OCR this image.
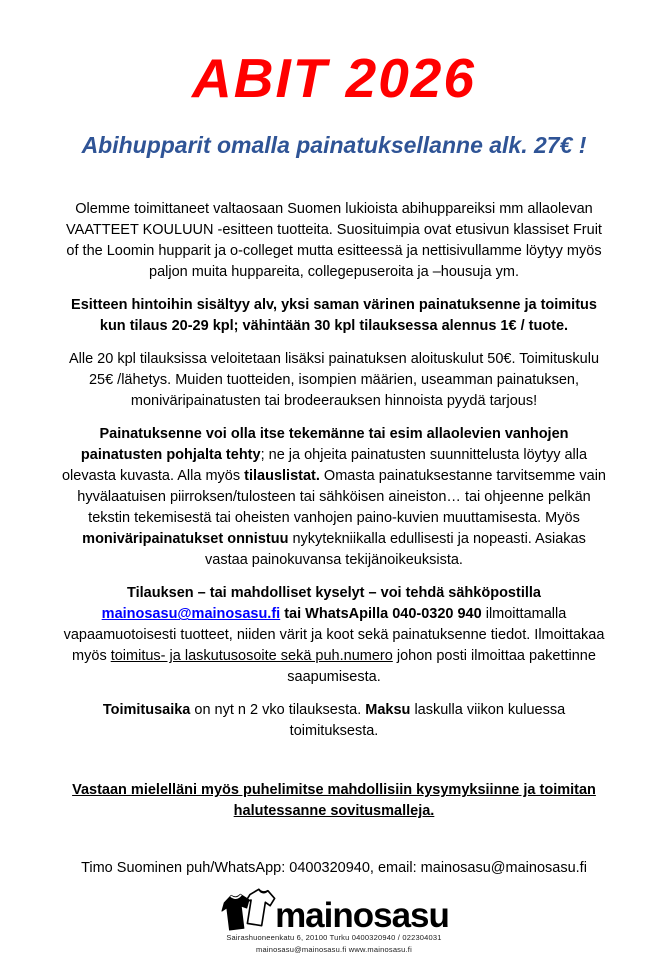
ABIT 2026
Abihupparit omalla painatuksellanne alk. 27€ !

Olemme toimittaneet valtaosaan Suomen lukioista abihuppareiksi mm allaolevan VAATTEET KOULUUN -esitteen tuotteita. Suosituimpia ovat etusivun klassiset Fruit of the Loomin hupparit ja o-colleget mutta esitteessä ja nettisivullamme löytyy myös paljon muita huppareita, collegepuseroita ja –housuja ym.

Esitteen hintoihin sisältyy alv, yksi saman värinen painatuksenne ja toimitus kun tilaus 20-29 kpl; vähintään 30 kpl tilauksessa alennus 1€ / tuote.

Alle 20 kpl tilauksissa veloitetaan lisäksi painatuksen aloituskulut 50€. Toimituskulu 25€ /lähetys. Muiden tuotteiden, isompien määrien, useamman painatuksen, moniväripainatusten tai brodeerauksen hinnoista pyydä tarjous!

Painatuksenne voi olla itse tekemänne tai esim allaolevien vanhojen painatusten pohjalta tehty; ne ja ohjeita painatusten suunnittelusta löytyy alla olevasta kuvasta. Alla myös tilauslistat. Omasta painatuksestanne tarvitsemme vain hyvälaatuisen piirroksen/tulosteen tai sähköisen aineiston… tai ohjeenne pelkän tekstin tekemisestä tai oheisten vanhojen paino-kuvien muuttamisesta. Myös moniväripainatukset onnistuu nykytekniikalla edullisesti ja nopeasti. Asiakas vastaa painokuvansa tekijänoikeuksista.

Tilauksen – tai mahdolliset kyselyt – voi tehdä sähköpostilla mainosasu@mainosasu.fi tai WhatsApilla 040-0320 940 ilmoittamalla vapaamuotoisesti tuotteet, niiden värit ja koot sekä painatuksenne tiedot. Ilmoittakaa myös toimitus- ja laskutusosoite sekä puh.numero johon posti ilmoittaa pakettinne saapumisesta.

Toimitusaika on nyt n 2 vko tilauksesta. Maksu laskulla viikon kuluessa toimituksesta.

Vastaan mielelläni myös puhelimitse mahdollisiin kysymyksiinne ja toimitan halutessanne sovitusmalleja.
Timo Suominen puh/WhatsApp: 0400320940, email: mainosasu@mainosasu.fi
mainosasu
Sairashuoneenkatu 6, 20100 Turku 0400320940 / 022304031
mainosasu@mainosasu.fi www.mainosasu.fi
